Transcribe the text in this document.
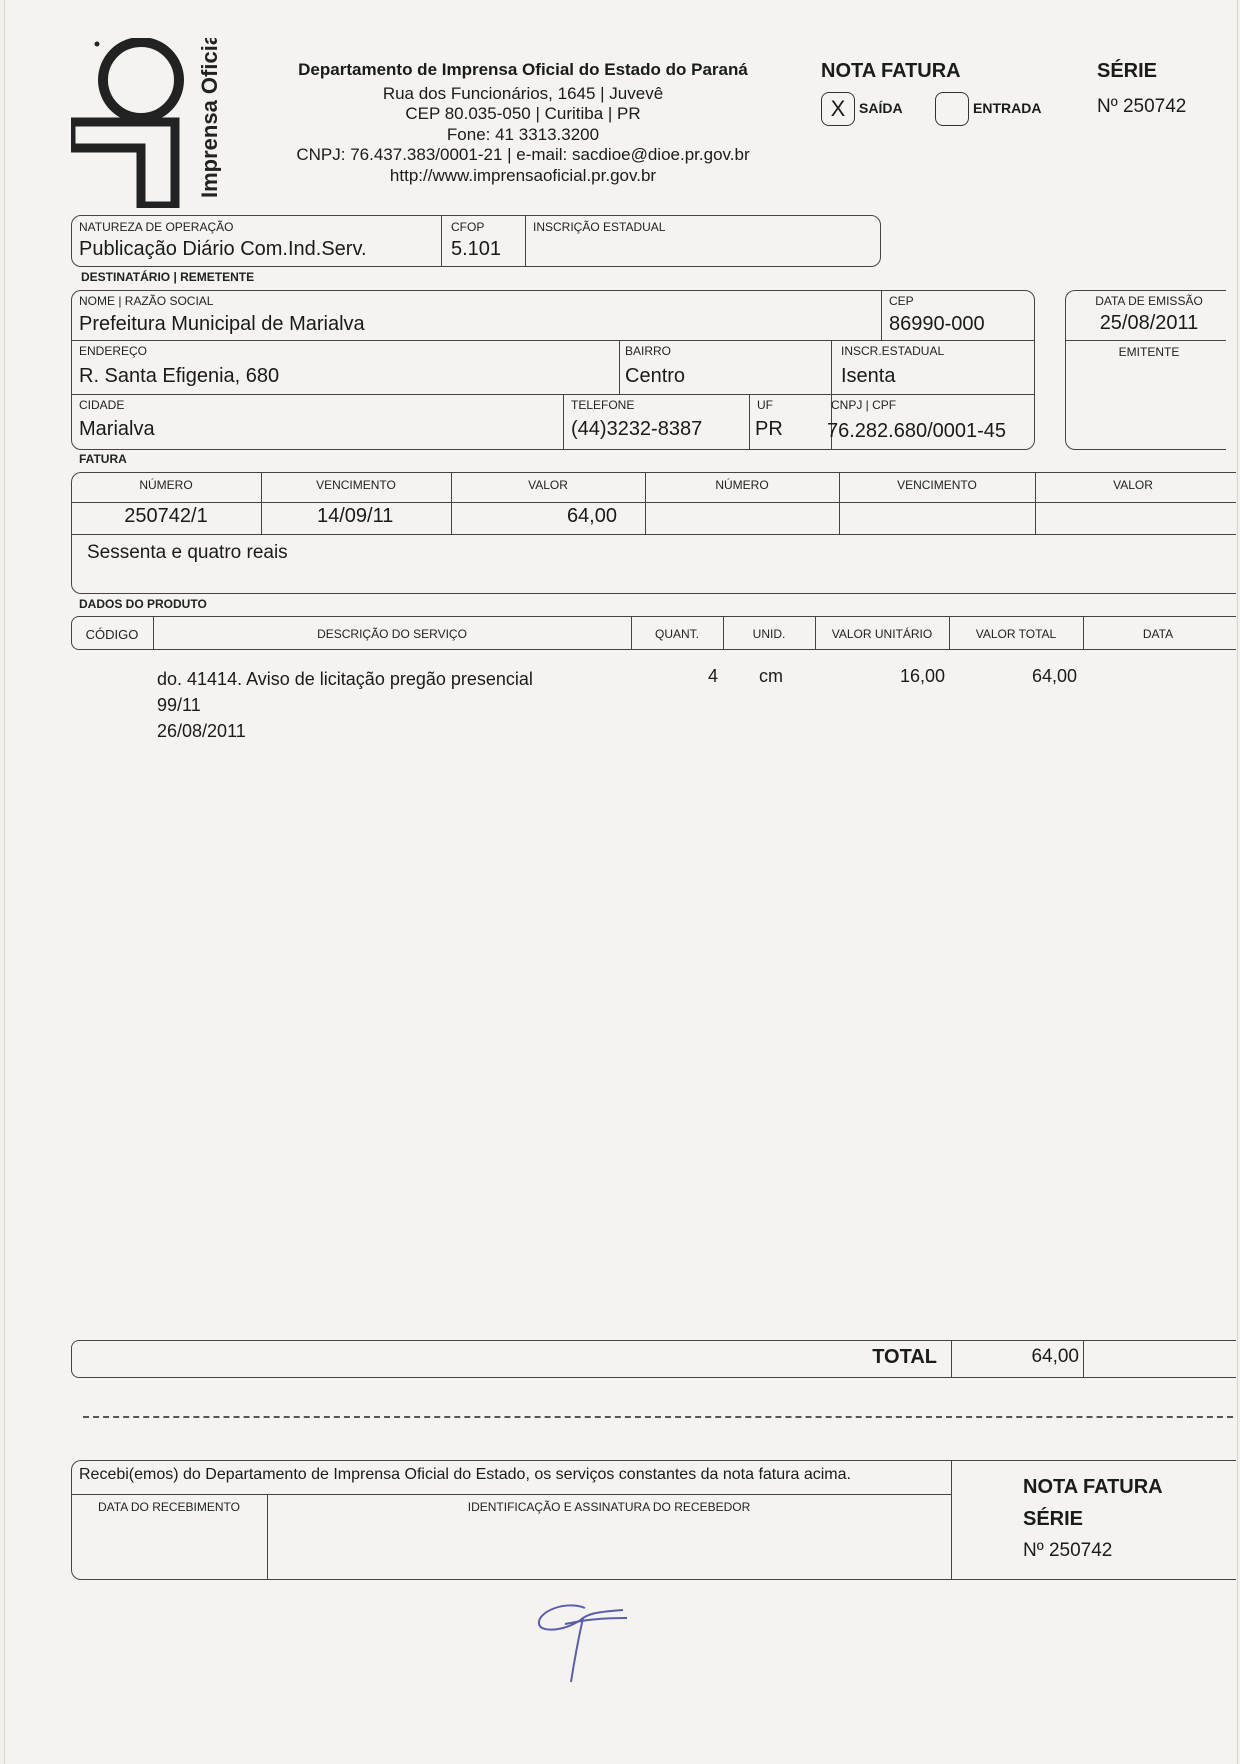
Imprensa Oficial	Departamento de Imprensa Oficial do Estado do Paraná
Rua dos Funcionários, 1645 | Juvevê
CEP 80.035-050 | Curitiba | PR
Fone: 41 3313.3200
CNPJ: 76.437.383/0001-21 | e-mail: sacdioe@dioe.pr.gov.br
http://www.imprensaoficial.pr.gov.br
NOTA FATURA
X SAÍDA	ENTRADA
SÉRIE
Nº 250742
NATUREZA DE OPERAÇÃO
Publicação Diário Com.Ind.Serv.
CFOP
5.101
INSCRIÇÃO ESTADUAL
DESTINATÁRIO | REMETENTE
NOME | RAZÃO SOCIAL
Prefeitura Municipal de Marialva
CEP
86990-000
ENDEREÇO
R. Santa Efigenia, 680
BAIRRO
Centro
INSCR.ESTADUAL
Isenta
CIDADE
Marialva
TELEFONE
(44)3232-8387
UF
PR
CNPJ | CPF
76.282.680/0001-45
DATA DE EMISSÃO
25/08/2011
EMITENTE
FATURA
NÚMERO	VENCIMENTO	VALOR	NÚMERO	VENCIMENTO	VALOR
250742/1	14/09/11	64,00
Sessenta e quatro reais
DADOS DO PRODUTO
CÓDIGO	DESCRIÇÃO DO SERVIÇO	QUANT.	UNID.	VALOR UNITÁRIO	VALOR TOTAL	DATA
do. 41414. Aviso de licitação pregão presencial
99/11
26/08/2011
4 cm	16,00	64,00
TOTAL	64,00
Recebi(emos) do Departamento de Imprensa Oficial do Estado, os serviços constantes da nota fatura acima.
DATA DO RECEBIMENTO	IDENTIFICAÇÃO E ASSINATURA DO RECEBEDOR
NOTA FATURA
SÉRIE
Nº 250742
